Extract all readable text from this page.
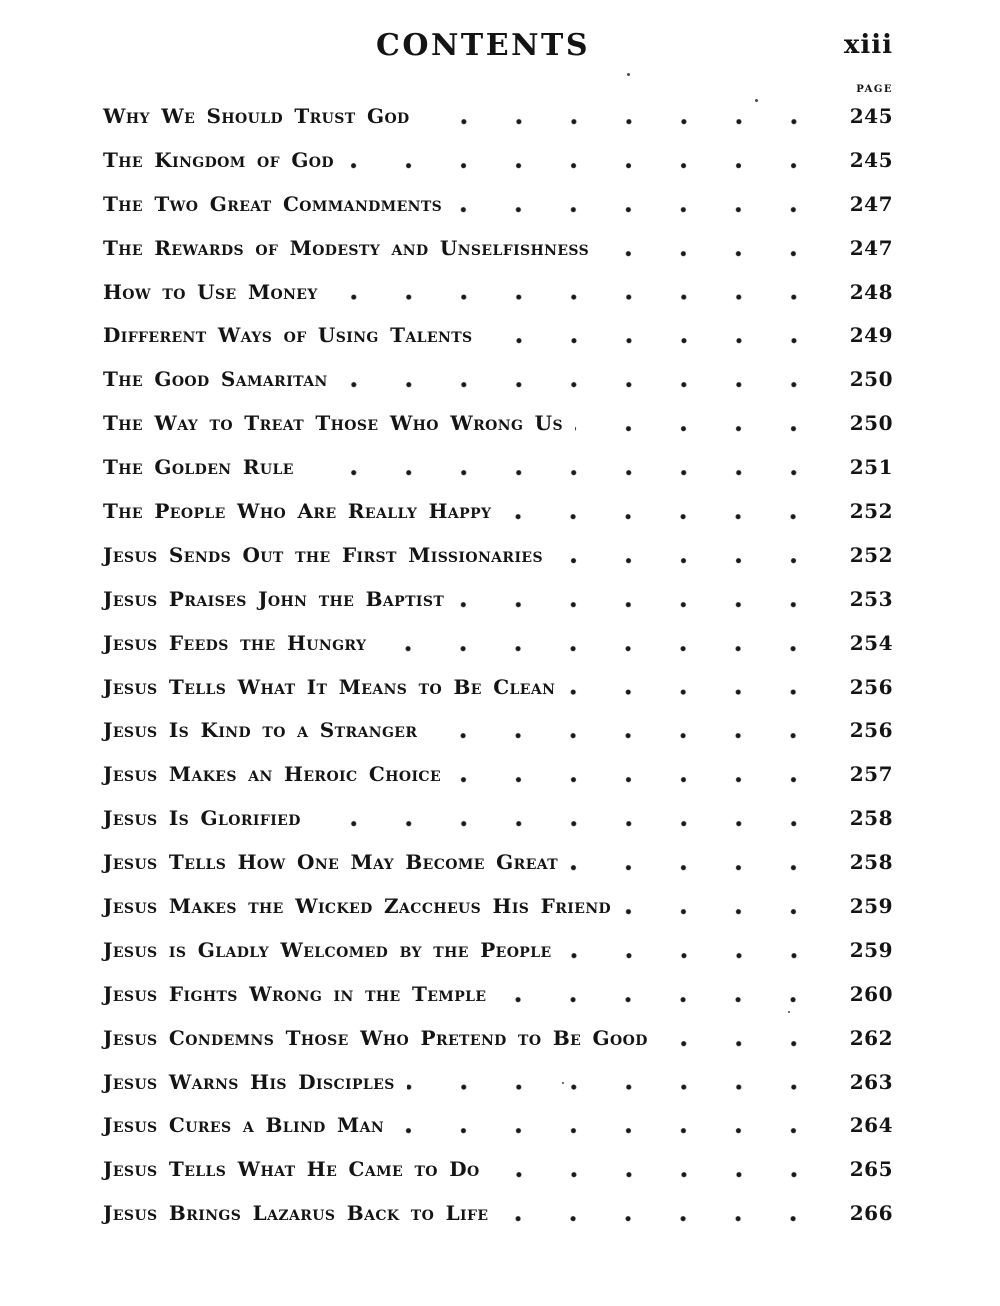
CONTENTS	xiii
PAGE
Why We Should Trust God	245
The Kingdom of God	245
The Two Great Commandments	247
The Rewards of Modesty and Unselfishness	247
How to Use Money	248
Different Ways of Using Talents	249
The Good Samaritan	250
The Way to Treat Those Who Wrong Us	250
The Golden Rule	251
The People Who Are Really Happy	252
Jesus Sends Out the First Missionaries	252
Jesus Praises John the Baptist	253
Jesus Feeds the Hungry	254
Jesus Tells What It Means to Be Clean	256
Jesus Is Kind to a Stranger	256
Jesus Makes an Heroic Choice	257
Jesus Is Glorified	258
Jesus Tells How One May Become Great	258
Jesus Makes the Wicked Zaccheus His Friend	259
Jesus is Gladly Welcomed by the People	259
Jesus Fights Wrong in the Temple	260
Jesus Condemns Those Who Pretend to Be Good	262
Jesus Warns His Disciples	263
Jesus Cures a Blind Man	264
Jesus Tells What He Came to Do	265
Jesus Brings Lazarus Back to Life	266
